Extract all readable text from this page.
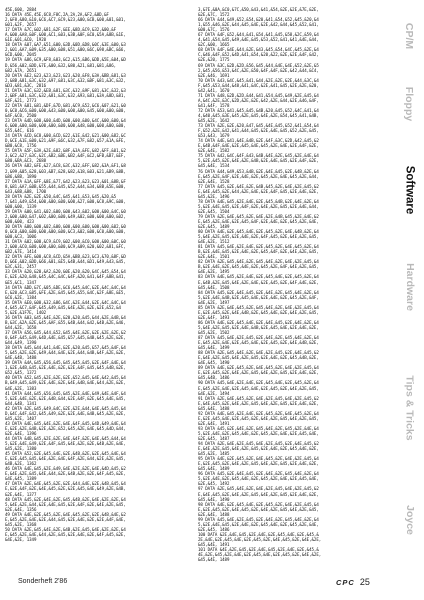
45E,600, 2884
16 DATA 45E,45E,6C8,F8C,2A,2A,2A,&F2,&8D,&F
2,&F8,&80,&10,&C6,&C7,&C9,&23,&00,&CB,&00,&01,&01,
&01,&2F, 2657
17 DATA &7C,&02,&81,&2F,&EE,&8D,&C9,&32,&00,&F
A,&00,&A8,&0F,&00,&C1,&03,&3B,&0F,&C0,&5A,&8B,&1E,
&1E,&01,&C0, 1920
18 DATA &07,&A7,&51,&00,&3D,&0D,&D8,&0C,&3E,&00,&3
2,&01,&A7,&09,&35,&00,&08,&51,&00,&6C,&98,&BC,&66,
&CD,&00, 2045
19 DATA &86,&C9,&F8,&03,&C2,&15,&B6,&DD,&5E,&04,&D
D,&56,&02,&DD,&7E,&00,&32,&80,&21,&81,&81,&86,
&82,&7A, 2651
20 DATA &E2,&23,&23,&23,&23,&20,&F8,&3A,&BB,&81,&3
2,&8B,&81,&3C,&32,&97,&81,&3C,&32,&BF,&81,&3C,&32,
&D3,&81,&3C, 2816
21 DATA &3C,&32,&EB,&81,&3C,&32,&9F,&81,&3C,&32,&3
2,&BF,&81,&3C,&32,&81,&3C,&32,&93,&81,&3A,&8D,&81,
&4F,&21, 2773
22 DATA &81,&81,&DF,&7D,&81,&C9,&52,&C6,&07,&21,&0
0,&C0,&C6,&00,&00,&43,&00,&00,&00,&45,&00,&00,&00,
&4F,&C0, 2500
23 DATA &4D,&00,&00,&4D,&00,&00,&00,&4C,&00,&00,&4
6,&00,&00,&00,&00,&00,&00,&00,&48,&00,&00,&00,&00,
&55,&4C, 616
24 DATA &CD,&C8,&00,&CD,&22,&1E,&42,&21,&00,&82,&C
D,&CE,&1E,&00,&21,&9F,&6C,&32,&7F,&82,&57,&1A,&FE,
&B0,&C8, 1756
25 DATA &5F,&3A,&2E,&82,&8F,&3A,&FE,&82,&FF,&01,&2
3,&C2,&27,&3C,&2C,&B2,&BE,&B2,&4F,&C2,&FB,&B7,&EF,
&80,&BA,&C3, 2688
26 DATA &82,&FE,&27,&C8,&3C,&32,&FF,&82,&3A,&F1,&8
2,&99,&05,&28,&03,&B7,&28,&82,&18,&03,&21,&B9,&8B,
&86,&8B, 1890
27 DATA &1A,&FF,&8E,&77,&42,&23,&23,&23,&01,&8B,&F
8,&81,&A7,&0B,&55,&44,&45,&52,&44,&34,&8B,&5E,&00,
&43,&8B,&88, 1700
28 DATA &2E,&2E,&50,&4C,&45,&41,&53,&45,&20,&5
7,&41,&49,&54,&00,&00,&00,&00,&27,&00,&C8,&9C,&00,
&00,&00, 1339
29 DATA &00,&41,&02,&00,&00,&43,&02,&00,&00,&4C,&0
2,&00,&00,&47,&02,&00,&00,&49,&02,&00,&00,&00,&02,
&00,&00, 423
30 DATA &00,&00,&02,&00,&00,&00,&00,&00,&00,&02,&0
0,&C0,&00,&00,&00,&00,&00,&C3,&02,&00,&C0,&00,&00,
&00,&C3, 1006
31 DATA &02,&00,&C9,&C9,&02,&00,&C0,&00,&00,&0C,&0
2,&00,&C0,&00,&00,&00,&00,&C9,&09,&20,&02,&81,&FC,
&B2,&7E, 1414
32 DATA &FE,&00,&C8,&CD,&5A,&BB,&23,&C3,&70,&8F,&D
D,&6E,&02,&DD,&66,&01,&E5,&4B,&44,&D1,&49,&43,&45,
&3C,&31, 2457
33 DATA &20,&20,&A2,&20,&0E,&20,&20,&4C,&45,&54,&4
E,&2E,&20,&48,&45,&4C,&4C,&4F,&20,&41,&4F,&8B,&41,
&E5,&C1, 1347
34 DATA &DD,&7C,&05,&DE,&C6,&45,&4C,&2E,&4C,&4C,&4
E,&20,&C3,&85,&FE,&2E,&45,&45,&55,&4C,&2F,&8E,&E5,
&C6,&2E, 1384
35 DATA &E0,&00,&32,&86,&4C,&2E,&44,&2E,&4C,&4C,&4
4,&45,&C7,&4F,&45,&49,&45,&4E,&2E,&2E,&2E,&52,&4
5,&2E,&1F7E, 1402
36 DATA &03,&45,&4E,&2E,&20,&20,&45,&44,&2E,&4B,&4
B,&3C,&2A,&2E,&45,&AF,&55,&4B,&44,&42,&4B,&2E,&46,
&44,&2E, 1658
37 DATA &56,&45,&44,&52,&45,&4E,&2E,&2E,&2E,&2E,&2
0,&4F,&45,&49,&4D,&4E,&45,&57,&45,&4B,&45,&2E,&2E,
&44,&49, 1390
38 DATA &45,&44,&41,&4E,&2E,&20,&45,&57,&45,&4F,&4
5,&45,&2E,&2E,&49,&44,&4E,&2E,&44,&4B,&4F,&2E,&2E,
&4E,&4B, 1488
39 DATA &4A,&45,&56,&45,&45,&45,&45,&2E,&4F,&4E,&4
1,&2E,&4B,&45,&2E,&4E,&2E,&2E,&4F,&45,&45,&4B,&2E,
&52,&45, 1372
40 DATA &52,&45,&2E,&2E,&2E,&52,&45,&4E,&42,&45,&4
B,&49,&45,&49,&2E,&4E,&2E,&4E,&4B,&4E,&44,&2E,&2E,
&4E,&2E, 1383
41 DATA &44,&45,&56,&45,&45,&2E,&4E,&49,&4E,&4F,&4
5,&2E,&4E,&2E,&2E,&4B,&44,&2E,&4F,&2E,&45,&4E,&45,
&44,&4B, 1341
42 DATA &2E,&45,&49,&4C,&2E,&2E,&44,&4E,&45,&45,&4
D,&4C,&4F,&42,&45,&49,&2E,&2E,&4E,&4B,&45,&2E,&2E,
&45,&2E, 1407
43 DATA &4E,&45,&4E,&2E,&4E,&4F,&45,&4D,&49,&4E,&4
E,&2E,&2E,&4B,&2E,&2E,&52,&45,&2E,&4E,&45,&4D,&44,
&2E,&4E, 1396
44 DATA &4B,&45,&2E,&2E,&4E,&4F,&2E,&4E,&45,&44,&4
5,&2E,&4E,&49,&2E,&4F,&45,&4E,&2E,&2E,&4B,&2E,&4E,
&45,&2E, 1380
45 DATA &52,&2E,&45,&4E,&2E,&4B,&2E,&2E,&45,&4E,&4
E,&2E,&45,&45,&4E,&2E,&4E,&4F,&2E,&44,&2E,&2E,&45,
&4B,&2E, 1362
46 DATA &4E,&45,&2E,&49,&4E,&2E,&2E,&4E,&4D,&45,&2
E,&4E,&2E,&45,&4E,&44,&2E,&4B,&2E,&2E,&4F,&45,&2E,
&4E,&45, 1389
47 DATA &2E,&4E,&45,&2E,&2E,&44,&4E,&2E,&4B,&45,&4
E,&2E,&4F,&2E,&4E,&45,&2E,&2E,&45,&4E,&49,&2E,&4B,
&2E,&4E, 1377
48 DATA &45,&2E,&4E,&2E,&45,&4B,&2E,&4E,&2E,&2E,&4
5,&4E,&2E,&44,&2E,&4E,&45,&2E,&4F,&2E,&4E,&2E,&45,
&2E,&4E, 1356
49 DATA &4E,&2E,&45,&2E,&4E,&45,&2E,&2E,&4B,&4E,&2
E,&45,&2E,&4E,&2E,&44,&45,&2E,&4E,&2E,&2E,&4F,&4E,
&45,&2E, 1368
50 DATA &2E,&45,&4E,&2E,&4B,&2E,&45,&4E,&2E,&2E,&4
E,&45,&2E,&4E,&44,&2E,&45,&2E,&4E,&2E,&4F,&45,&2E,
&4E,&2E, 1349
3,&7E,&0A,&C0,&7C,&50,&43,&41,&54,&2E,&2E,&7E,&2E,
&2E,&7C, 1572
66 DATA &44,&49,&52,&54,&20,&41,&54,&52,&45,&20,&4
1,&55,&46,&2E,&44,&45,&4E,&2E,&42,&44,&45,&52,&41,
&00,&7C, 1576
67 DATA &4F,&52,&44,&41,&54,&41,&45,&58,&2C,&59,&4
4,&41,&54,&45,&49,&4E,&45,&53,&52,&41,&41,&4E,&44,
&2C,&00, 1665
68 DATA &4F,&4E,&44,&2E,&43,&45,&54,&4C,&45,&2E,&4
C,&46,&4F,&52,&4D,&41,&54,&20,&22,&2E,&2E,&4F,&42,
&2E,&20, 1775
69 DATA &3C,&2D,&2D,&56,&45,&44,&4E,&4E,&52,&2E,&5
2,&45,&56,&53,&4C,&2E,&50,&4F,&4F,&2E,&42,&44,&C4,
&2E,&46, 1691
70 DATA &43,&4C,&45,&41,&44,&2E,&2E,&2E,&44,&3C,&4
F,&45,&53,&44,&48,&41,&4C,&2E,&41,&45,&2E,&2E,&20,
&42,&41, 1670
71 DATA &48,&2D,&2D,&44,&41,&54,&45,&49,&2E,&45,&4
A,&4C,&2E,&3C,&2D,&2E,&2E,&42,&2E,&44,&2E,&46,&4F,
&41,&4F, 1578
72 DATA &53,&41,&45,&45,&4B,&20,&45,&52,&4C,&41,&4
4,&40,&45,&3E,&45,&2E,&45,&4E,&2E,&54,&45,&41,&4B,
&45,&2E, 1642
73 DATA &2E,&2E,&20,&47,&45,&4E,&45,&52,&41,&54,&4
F,&52,&2E,&42,&41,&44,&45,&2E,&4E,&45,&52,&2E,&45,
&53,&43, 1679
74 DATA &4E,&41,&4E,&4B,&2E,&4F,&3C,&2D,&42,&45,&2
E,&4B,&4F,&4E,&2E,&45,&4E,&45,&2E,&4E,&2E,&4F,&2E,
&2E,&4E, 1582
75 DATA &42,&4C,&4F,&43,&4B,&4E,&2E,&45,&2E,&4E,&4
5,&2E,&45,&2E,&4E,&2E,&4B,&2E,&4E,&45,&2E,&4F,&2E,
&45,&4E, 1534
76 DATA &44,&49,&53,&4B,&2E,&4E,&45,&2E,&4B,&2E,&4
E,&45,&2E,&4F,&2E,&4E,&2E,&45,&2E,&4E,&45,&2E,&44,
&2E,&4E, 1528
77 DATA &45,&2E,&4E,&2E,&4B,&45,&2E,&4E,&2E,&45,&2
E,&4E,&45,&2E,&44,&2E,&4E,&2E,&4F,&45,&2E,&4E,&2E,
&45,&2E, 1496
78 DATA &4E,&45,&2E,&4E,&2E,&45,&4B,&2E,&4E,&2E,&4
5,&2E,&4E,&45,&2E,&4F,&2E,&4E,&2E,&45,&2E,&4E,&44,
&2E,&45, 1504
79 DATA &2E,&4E,&45,&2E,&4E,&2E,&4B,&45,&2E,&4E,&2
E,&45,&2E,&4E,&2E,&45,&4F,&2E,&4E,&2E,&45,&2E,&4E,
&2E,&45, 1489
80 DATA &4E,&2E,&45,&4E,&2E,&45,&2E,&4E,&4B,&2E,&4
5,&4E,&2E,&45,&2E,&4E,&2E,&4F,&45,&2E,&4E,&2E,&45,
&4E,&2E, 1512
81 DATA &45,&4E,&2E,&4E,&2E,&45,&2E,&4E,&45,&2E,&4
B,&2E,&4E,&45,&2E,&4E,&2E,&45,&4F,&2E,&4E,&2E,&45,
&2E,&4E, 1501
82 DATA &2E,&45,&4E,&2E,&45,&4E,&2E,&4E,&2E,&45,&4
B,&2E,&4E,&2E,&45,&4E,&2E,&45,&2E,&4F,&4E,&2E,&45,
&4E,&2E, 1495
83 DATA &4E,&45,&2E,&4E,&2E,&45,&4E,&2E,&45,&2E,&4
E,&4B,&2E,&45,&4E,&2E,&4E,&2E,&45,&2E,&4F,&4E,&2E,
&45,&4E, 1508
84 DATA &45,&2E,&4E,&45,&2E,&4E,&2E,&45,&4E,&2E,&4
5,&2E,&4E,&4B,&2E,&45,&4E,&2E,&4E,&2E,&45,&2E,&4F,
&4E,&2E, 1497
85 DATA &2E,&4E,&45,&2E,&45,&4E,&2E,&4E,&2E,&45,&4
E,&2E,&45,&2E,&4E,&4B,&2E,&45,&4E,&2E,&4E,&2E,&45,
&2E,&4F, 1493
86 DATA &4E,&2E,&45,&4E,&2E,&4E,&45,&2E,&4E,&2E,&4
5,&4E,&2E,&45,&2E,&4E,&4B,&2E,&45,&4E,&2E,&4E,&2E,
&45,&2E, 1502
87 DATA &45,&4E,&2E,&45,&2E,&4E,&2E,&45,&4E,&2E,&4
E,&45,&2E,&4E,&2E,&45,&4E,&2E,&45,&2E,&4E,&4B,&2E,
&45,&4E, 1499
88 DATA &2E,&45,&4E,&2E,&4E,&2E,&45,&2E,&4E,&45,&2
E,&4E,&2E,&45,&4E,&2E,&45,&2E,&4E,&2E,&45,&4B,&2E,
&4E,&45, 1490
89 DATA &4E,&2E,&45,&2E,&4E,&45,&2E,&4E,&2E,&45,&4
E,&2E,&45,&2E,&4E,&2E,&45,&4E,&2E,&45,&2E,&4E,&2E,
&45,&4B, 1486
90 DATA &45,&4E,&2E,&4E,&2E,&45,&4E,&2E,&45,&2E,&4
E,&45,&2E,&4E,&2E,&45,&4E,&2E,&45,&2E,&4E,&2E,&45,
&4E,&2E, 1494
91 DATA &2E,&4E,&45,&2E,&4E,&2E,&45,&4E,&2E,&45,&2
E,&4E,&45,&2E,&4E,&2E,&45,&4E,&2E,&45,&2E,&4E,&2E,
&45,&4E, 1488
92 DATA &4E,&45,&2E,&4E,&2E,&45,&2E,&4E,&45,&2E,&4
E,&2E,&45,&4E,&2E,&45,&2E,&4E,&2E,&45,&4E,&2E,&45,
&2E,&4E, 1491
93 DATA &45,&2E,&4E,&2E,&45,&4E,&2E,&45,&2E,&4E,&4
5,&2E,&4E,&2E,&45,&4E,&2E,&45,&2E,&4E,&2E,&45,&4E,
&2E,&45, 1487
94 DATA &2E,&4E,&2E,&45,&4E,&2E,&45,&2E,&4E,&45,&2
E,&4E,&2E,&45,&4E,&2E,&45,&2E,&4E,&2E,&45,&4E,&2E,
&45,&2E, 1485
95 DATA &4E,&2E,&45,&2E,&4E,&45,&2E,&4E,&2E,&45,&4
E,&2E,&45,&2E,&4E,&2E,&45,&4E,&2E,&45,&2E,&4E,&2E,
&45,&4E, 1489
96 DATA &45,&2E,&4E,&45,&2E,&4E,&2E,&45,&4E,&2E,&4
5,&2E,&4E,&2E,&45,&4E,&2E,&45,&2E,&4E,&2E,&45,&4E,
&2E,&45, 1492
97 DATA &2E,&45,&4E,&2E,&4E,&2E,&45,&4E,&2E,&45,&2
E,&4E,&45,&2E,&4E,&2E,&45,&4E,&2E,&45,&2E,&4E,&2E,
&45,&4E, 1490
98 DATA &4E,&2E,&45,&4E,&2E,&45,&2E,&4E,&2E,&45,&4
E,&2E,&45,&2E,&4E,&45,&2E,&4E,&2E,&45,&4E,&2E,&45,
&2E,&4E, 1488
99 DATA &45,&4E,&2E,&45,&2E,&4E,&2E,&45,&4E,&2E,&4
5,&2E,&4E,&45,&2E,&4E,&2E,&45,&4E,&2E,&45,&2E,&4E,
&2E,&45, 1486
100 DATA &2E,&4E,&45,&2E,&4E,&2E,&45,&4E,&2E,&45,&
2E,&4E,&2E,&45,&4E,&2E,&45,&2E,&4E,&45,&2E,&4E,&2E,
&45,&4E, 1491
101 DATA &4E,&2E,&45,&2E,&4E,&45,&2E,&4E,&2E,&45,&
4E,&2E,&45,&2E,&4E,&2E,&45,&4E,&2E,&45,&2E,&4E,&2E,
&45,&4E, 1489
Sonderheft 2'86	CPC 25
CP/M
Floppy
Software
Hardware
Tips & Tricks
Joyce
